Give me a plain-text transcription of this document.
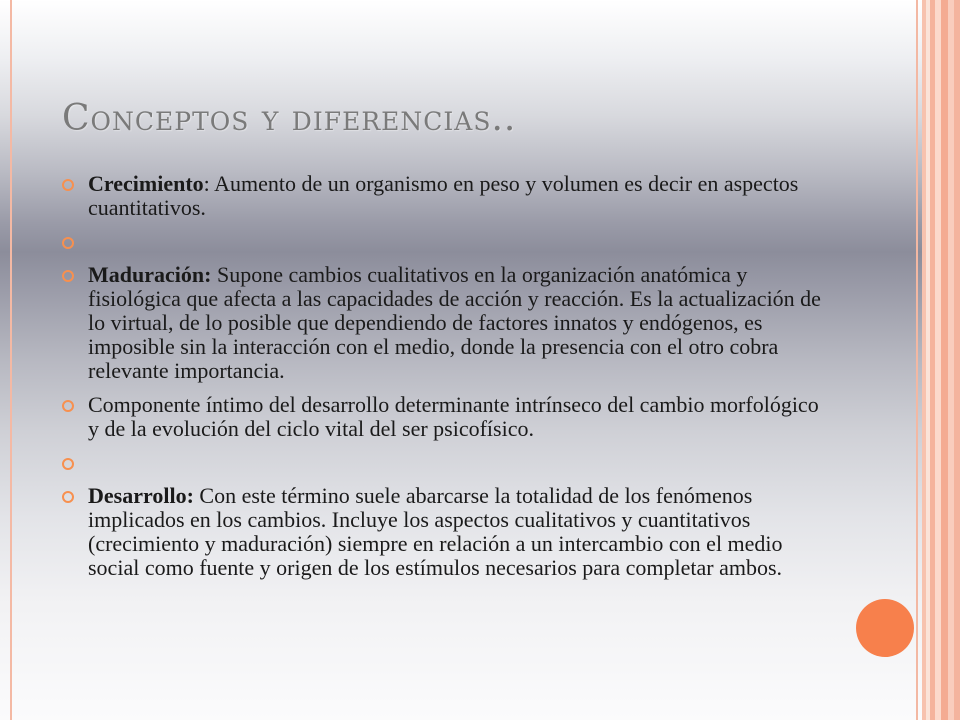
Conceptos y diferencias..
Crecimiento: Aumento de un organismo en peso y volumen es decir en aspectos cuantitativos.
Maduración: Supone cambios cualitativos en la organización anatómica y fisiológica que afecta a las capacidades de acción y reacción. Es la actualización de lo virtual, de lo posible que dependiendo de factores innatos y endógenos, es imposible sin la interacción con el medio, donde la presencia con el otro cobra relevante importancia.
Componente íntimo del desarrollo determinante intrínseco del cambio morfológico y de la evolución del ciclo vital del ser psicofísico.
Desarrollo: Con este término suele abarcarse la totalidad de los fenómenos implicados en los cambios. Incluye los aspectos cualitativos y cuantitativos (crecimiento y maduración) siempre en relación a un intercambio con el medio social como fuente y origen de los estímulos necesarios para completar ambos.
